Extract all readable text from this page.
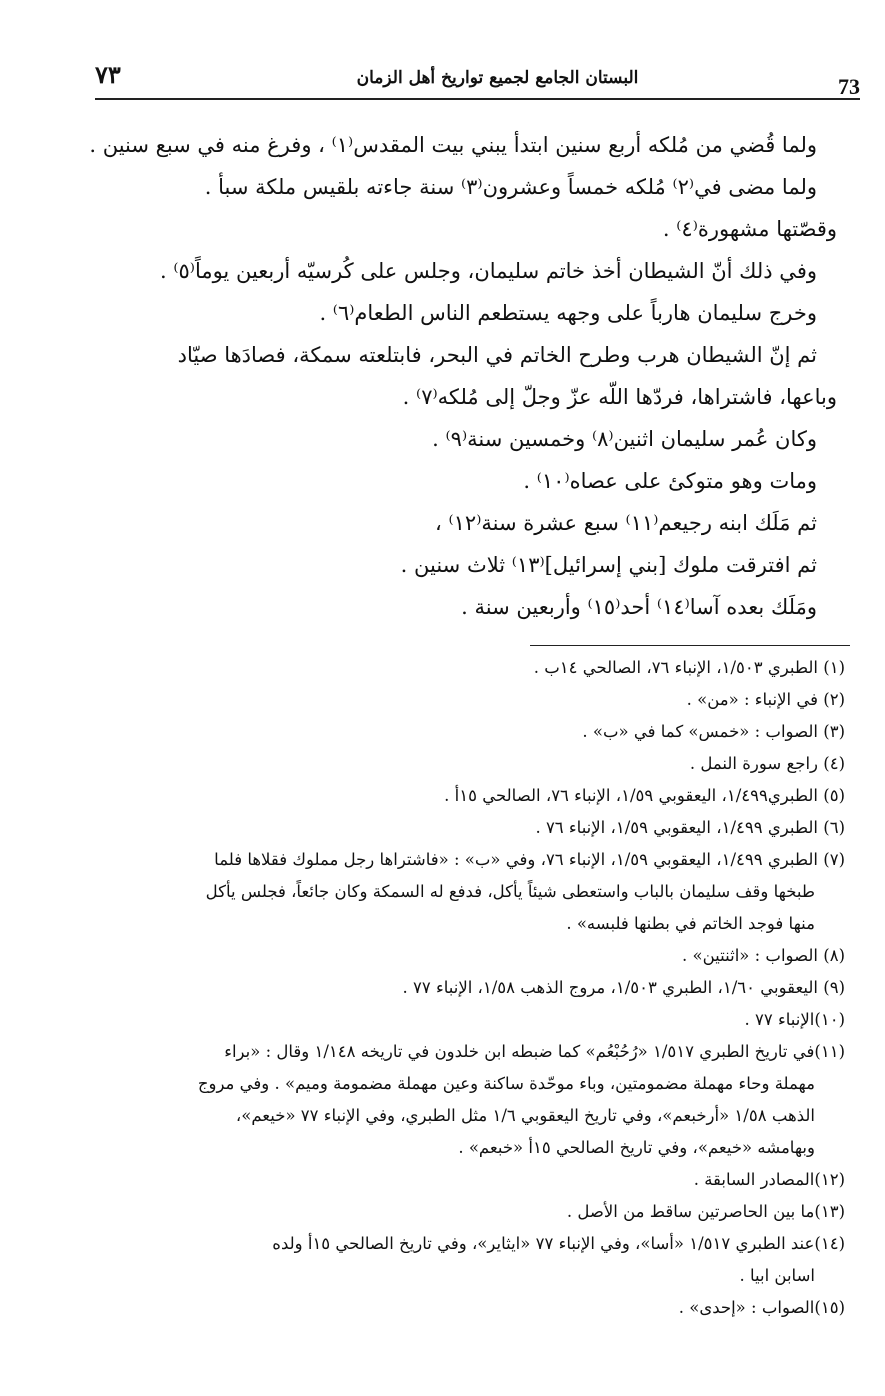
٧٣	البستان الجامع لجميع تواريخ أهل الزمان	73
ولما قُضي من مُلكه أربع سنين ابتدأ يبني بيت المقدس⁽١⁾ ، وفرغ منه في سبع سنين .
ولما مضى في⁽٢⁾ مُلكه خمساً وعشرون⁽٣⁾ سنة جاءته بلقيس ملكة سبأ .
وقصّتها مشهورة⁽٤⁾ .
وفي ذلك أنّ الشيطان أخذ خاتم سليمان، وجلس على كُرسيّه أربعين يوماً⁽٥⁾ .
وخرج سليمان هارباً على وجهه يستطعم الناس الطعام⁽٦⁾ .
ثم إنّ الشيطان هرب وطرح الخاتم في البحر، فابتلعته سمكة، فصادَها صيّاد
وباعها، فاشتراها، فردّها اللّه عزّ وجلّ إلى مُلكه⁽٧⁾ .
وكان عُمر سليمان اثنين⁽٨⁾ وخمسين سنة⁽٩⁾ .
ومات وهو متوكئ على عصاه⁽١٠⁾ .
ثم مَلَك ابنه رجيعم⁽١١⁾ سبع عشرة سنة⁽١٢⁾ ،
ثم افترقت ملوك [بني إسرائيل]⁽١٣⁾ ثلاث سنين .
ومَلَك بعده آسا⁽١٤⁾ أحد⁽١٥⁾ وأربعين سنة .
(١) الطبري ١/٥٠٣، الإنباء ٧٦، الصالحي ١٤ب .
(٢) في الإنباء : «من» .
(٣) الصواب : «خمس» كما في «ب» .
(٤) راجع سورة النمل .
(٥) الطبري١/٤٩٩، اليعقوبي ١/٥٩، الإنباء ٧٦، الصالحي ١٥أ .
(٦) الطبري ١/٤٩٩، اليعقوبي ١/٥٩، الإنباء ٧٦ .
(٧) الطبري ١/٤٩٩، اليعقوبي ١/٥٩، الإنباء ٧٦، وفي «ب» : «فاشتراها رجل مملوك فقلاها فلما
طبخها وقف سليمان بالباب واستعطى شيئاً يأكل، فدفع له السمكة وكان جائعاً، فجلس يأكل
منها فوجد الخاتم في بطنها فلبسه» .
(٨) الصواب : «اثنتين» .
(٩) اليعقوبي ١/٦٠، الطبري ١/٥٠٣، مروج الذهب ١/٥٨، الإنباء ٧٧ .
(١٠)الإنباء ٧٧ .
(١١)في تاريخ الطبري ١/٥١٧ «رُحُبْعُم» كما ضبطه ابن خلدون في تاريخه ١/١٤٨ وقال : «براء
مهملة وحاء مهملة مضمومتين، وباء موحّدة ساكنة وعين مهملة مضمومة وميم» . وفي مروج
الذهب ١/٥٨ «أرخبعم»، وفي تاريخ اليعقوبي ١/٦ مثل الطبري، وفي الإنباء ٧٧ «خيعم»،
وبهامشه «خيعم»، وفي تاريخ الصالحي ١٥أ «خبعم» .
(١٢)المصادر السابقة .
(١٣)ما بين الحاصرتين ساقط من الأصل .
(١٤)عند الطبري ١/٥١٧ «أسا»، وفي الإنباء ٧٧ «ايثاير»، وفي تاريخ الصالحي ١٥أ ولده
اسابن ابيا .
(١٥)الصواب : «إحدى» .
